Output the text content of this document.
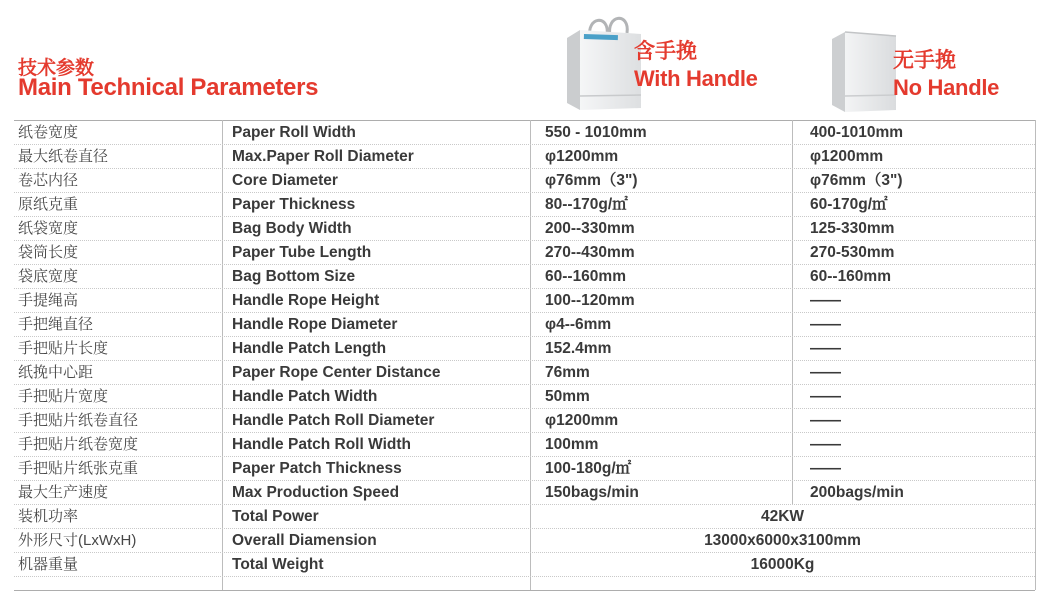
技术参数
Main Technical Parameters
含手挽
With Handle
无手挽
No Handle
纸卷宽度	Paper Roll Width	550 - 1010mm	400-1010mm
最大纸卷直径	Max.Paper Roll Diameter	φ1200mm	φ1200mm
卷芯内径	Core Diameter	φ76mm（3")	φ76mm（3")
原纸克重	Paper Thickness	80--170g/㎡	60-170g/㎡
纸袋宽度	Bag Body Width	200--330mm	125-330mm
袋筒长度	Paper Tube Length	270--430mm	270-530mm
袋底宽度	Bag Bottom Size	60--160mm	60--160mm
手提绳高	Handle Rope Height	100--120mm	——
手把绳直径	Handle Rope Diameter	φ4--6mm	——
手把贴片长度	Handle Patch Length	152.4mm	——
纸挽中心距	Paper Rope Center Distance	76mm	——
手把贴片宽度	Handle Patch Width	50mm	——
手把贴片纸卷直径	Handle Patch Roll Diameter	φ1200mm	——
手把贴片纸卷宽度	Handle Patch Roll Width	100mm	——
手把贴片纸张克重	Paper Patch Thickness	100-180g/㎡	——
最大生产速度	Max Production Speed	150bags/min	200bags/min
装机功率	Total Power	42KW
外形尺寸(LxWxH)	Overall Diamension	13000x6000x3100mm
机器重量	Total Weight	16000Kg
